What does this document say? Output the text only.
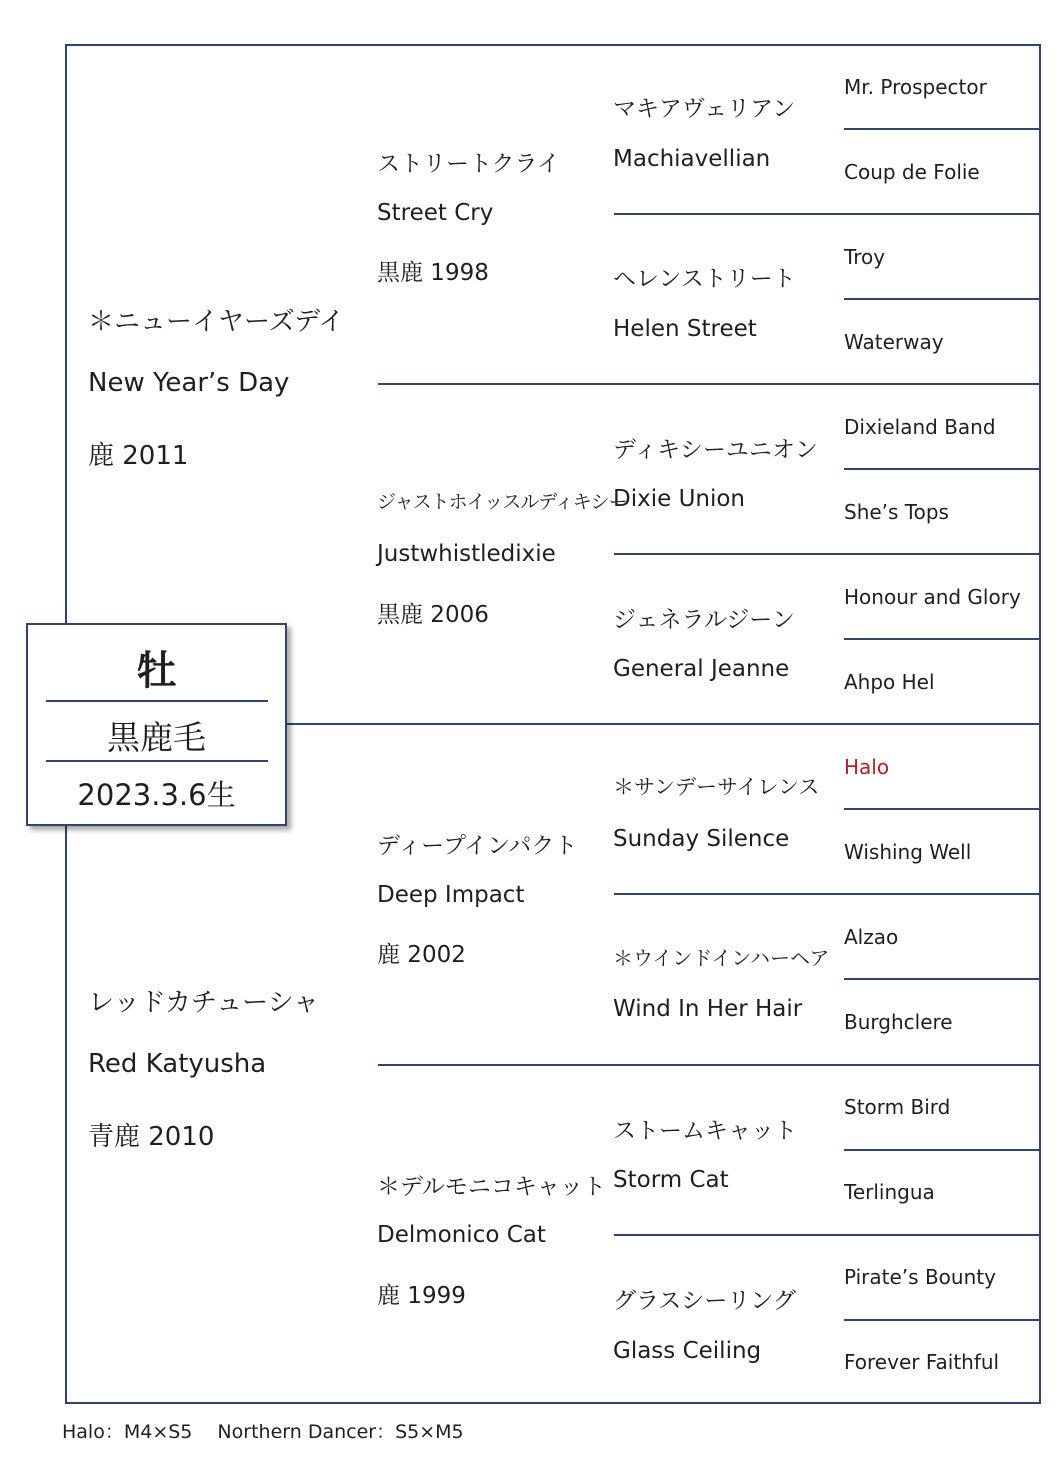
＊ニューイヤーズデイ
New Year’s Day
鹿 2011
レッドカチューシャ
Red Katyusha
青鹿 2010
ストリートクライ
Street Cry
黒鹿 1998
ジャストホイッスルディキシー
Justwhistledixie
黒鹿 2006
ディープインパクト
Deep Impact
鹿 2002
＊デルモニコキャット
Delmonico Cat
鹿 1999
マキアヴェリアン
Machiavellian
ヘレンストリート
Helen Street
ディキシーユニオン
Dixie Union
ジェネラルジーン
General Jeanne
＊サンデーサイレンス
Sunday Silence
＊ウインドインハーヘア
Wind In Her Hair
ストームキャット
Storm Cat
グラスシーリング
Glass Ceiling
Mr. Prospector
Coup de Folie
Troy
Waterway
Dixieland Band
She’s Tops
Honour and Glory
Ahpo Hel
Halo
Wishing Well
Alzao
Burghclere
Storm Bird
Terlingua
Pirate’s Bounty
Forever Faithful
牡
黒鹿毛
2023.3.6生
Halo：M4×S5　 Northern Dancer：S5×M5
